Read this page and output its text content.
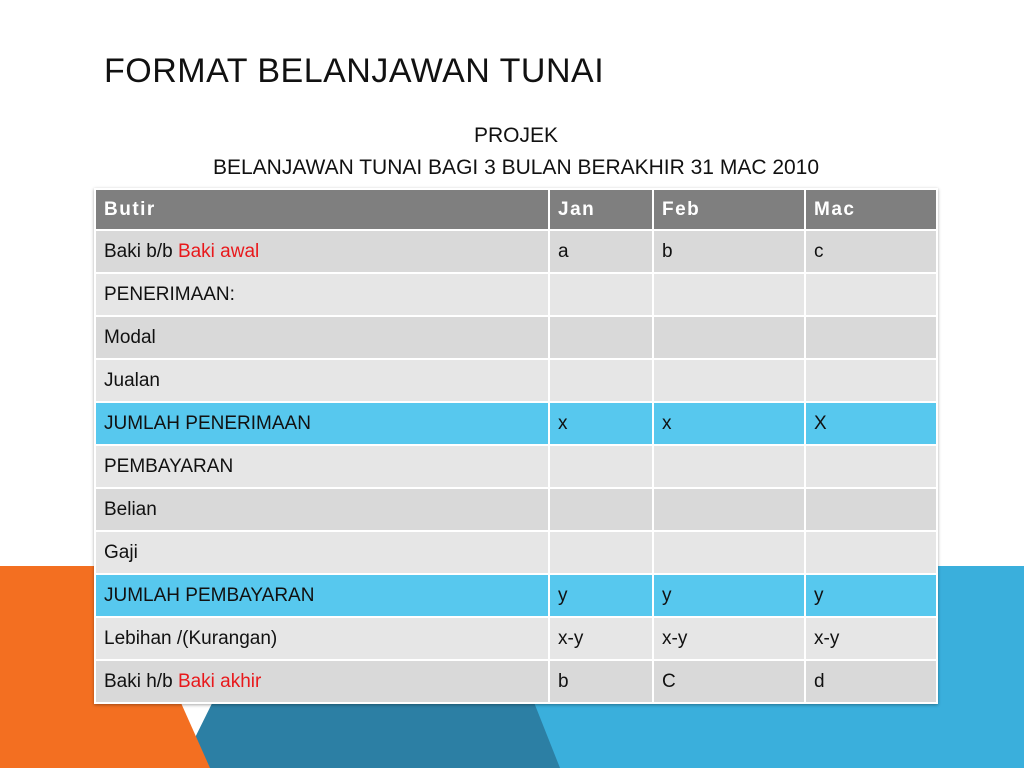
FORMAT BELANJAWAN TUNAI
PROJEK
BELANJAWAN TUNAI BAGI 3 BULAN BERAKHIR 31 MAC 2010
Butir	Jan	Feb	Mac
Baki b/b Baki awal	a	b	c
PENERIMAAN:			
Modal			
Jualan			
JUMLAH PENERIMAAN	x	x	X
PEMBAYARAN			
Belian			
Gaji			
JUMLAH PEMBAYARAN	y	y	y
Lebihan /(Kurangan)	x-y	x-y	x-y
Baki h/b Baki akhir	b	C	d
